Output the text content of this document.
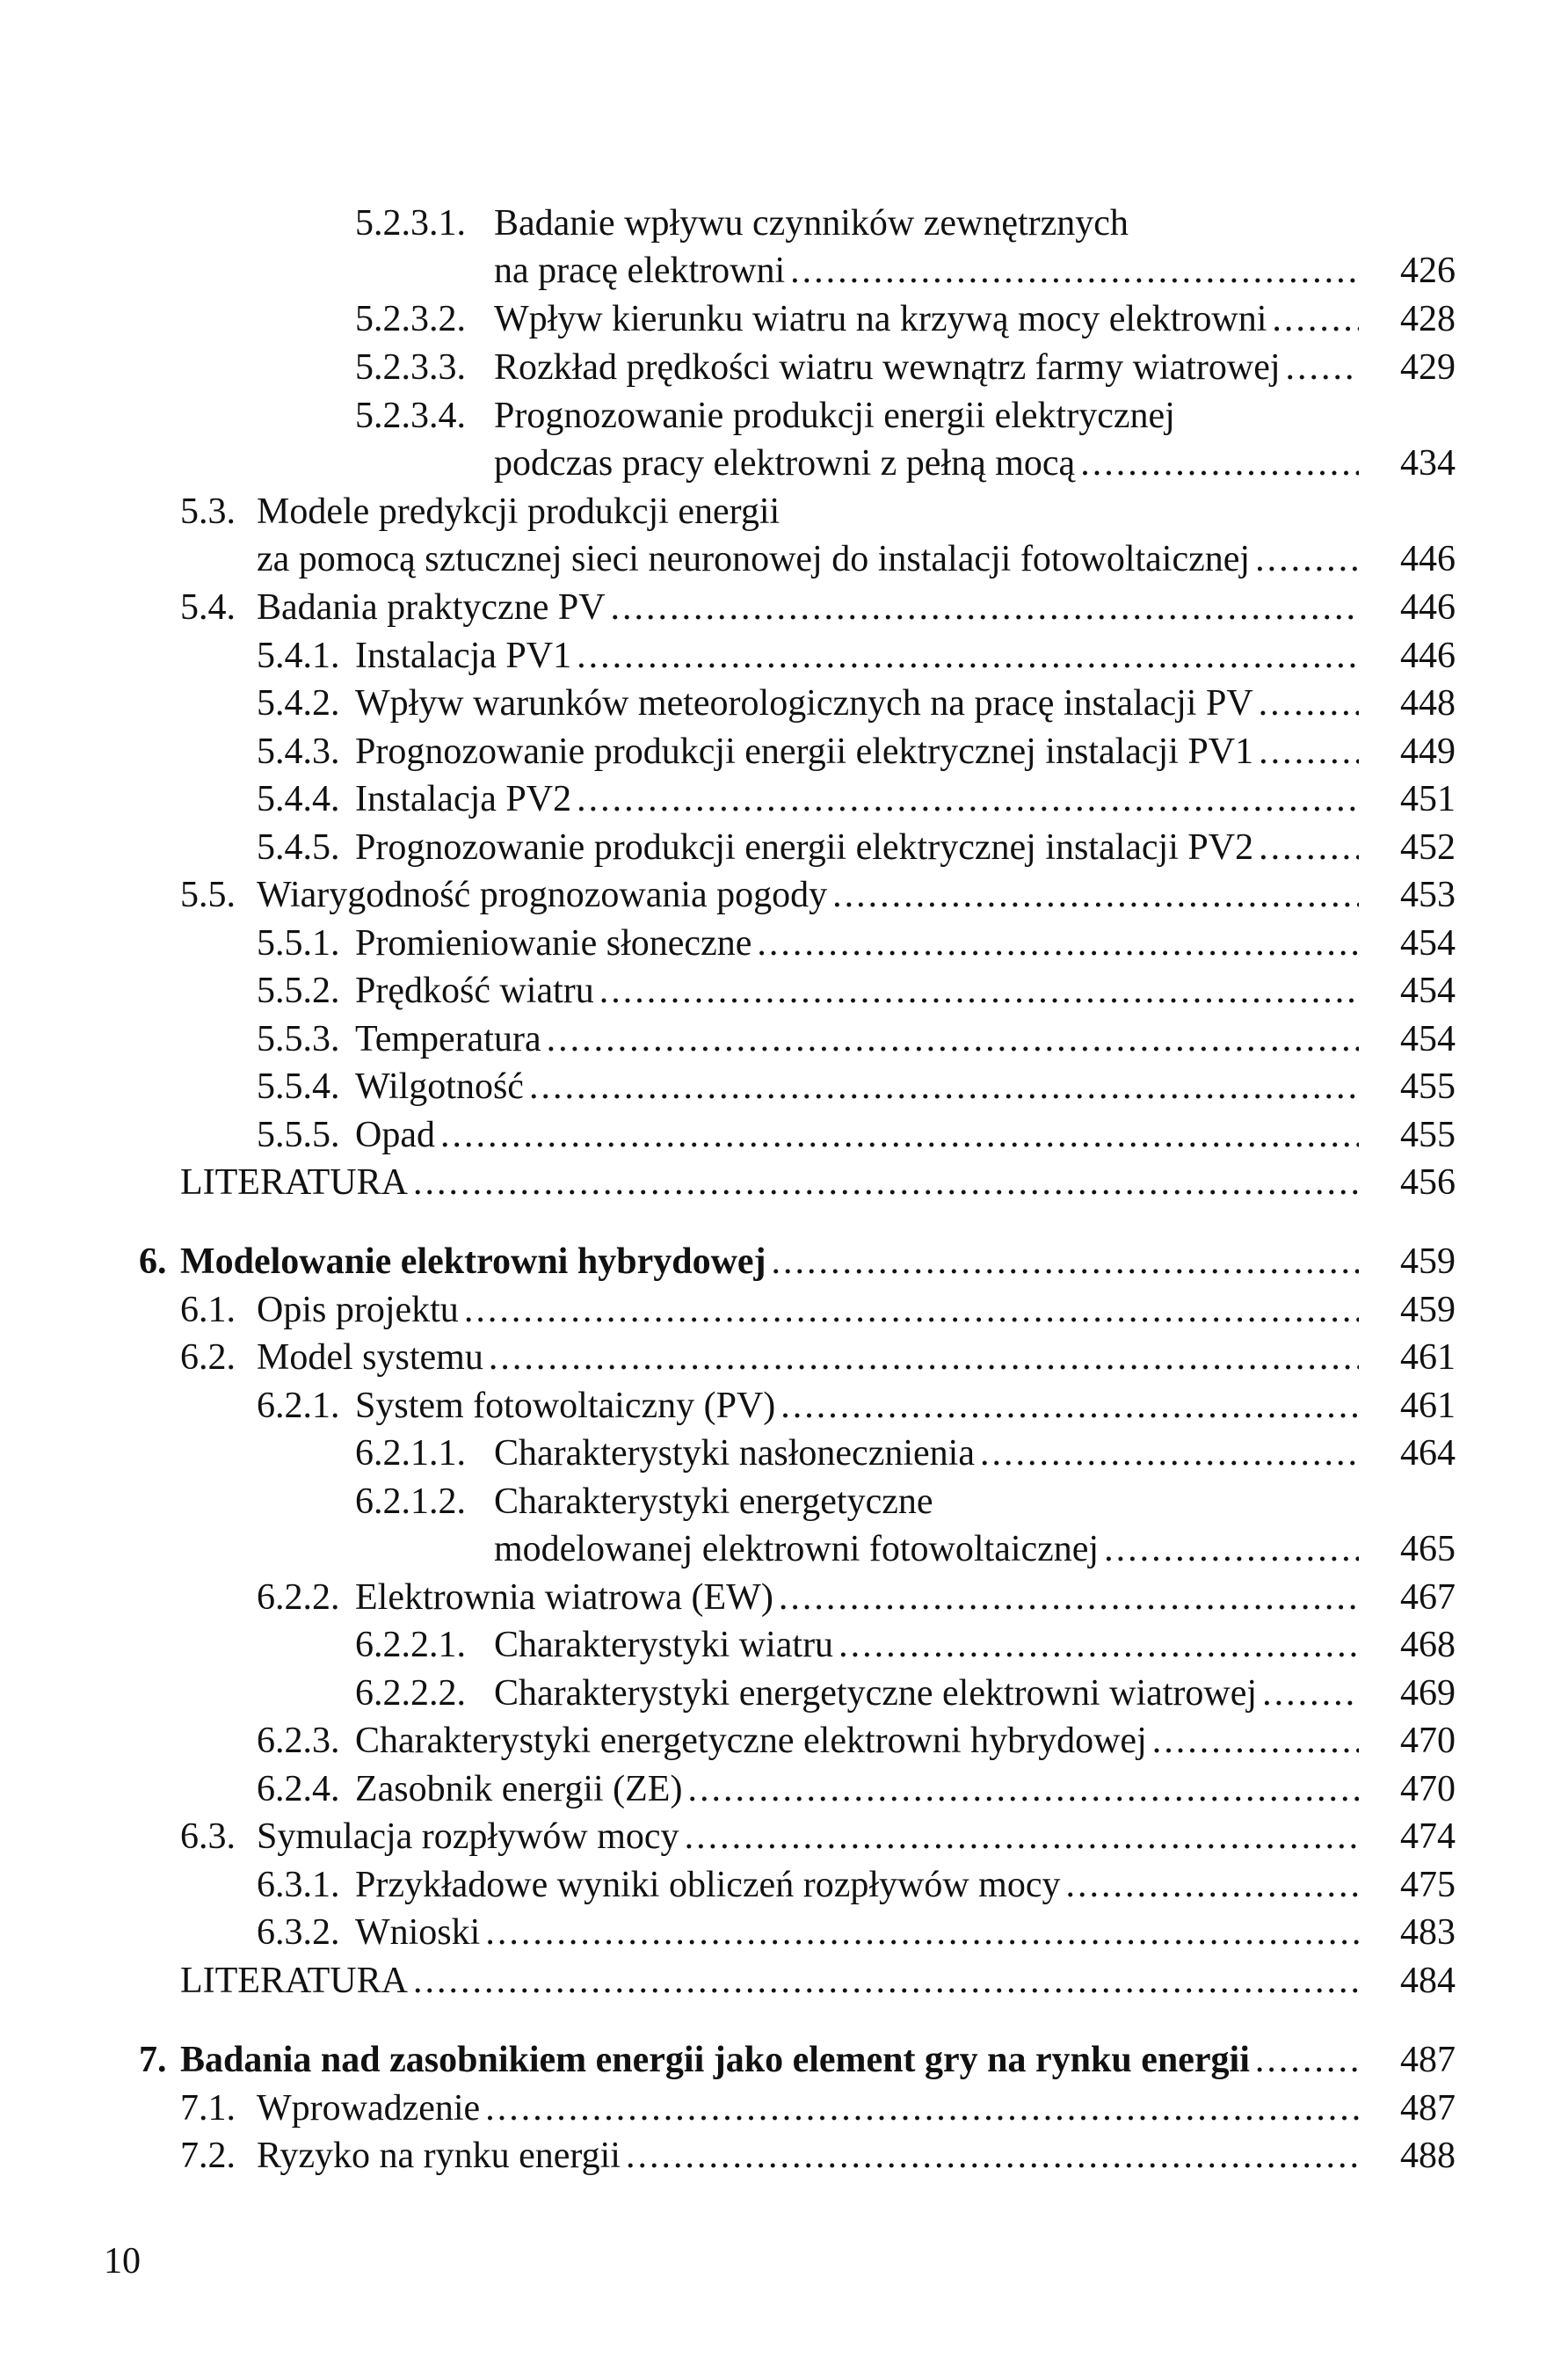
5.2.3.1. Badanie wpływu czynników zewnętrznych
na pracę elektrowni .....	426
5.2.3.2. Wpływ kierunku wiatru na krzywą mocy elektrowni .....	428
5.2.3.3. Rozkład prędkości wiatru wewnątrz farmy wiatrowej .....	429
5.2.3.4. Prognozowanie produkcji energii elektrycznej
podczas pracy elektrowni z pełną mocą .....	434
5.3. Modele predykcji produkcji energii
za pomocą sztucznej sieci neuronowej do instalacji fotowoltaicznej .....	446
5.4. Badania praktyczne PV .....	446
5.4.1. Instalacja PV1 .....	446
5.4.2. Wpływ warunków meteorologicznych na pracę instalacji PV .....	448
5.4.3. Prognozowanie produkcji energii elektrycznej instalacji PV1 .....	449
5.4.4. Instalacja PV2 .....	451
5.4.5. Prognozowanie produkcji energii elektrycznej instalacji PV2 .....	452
5.5. Wiarygodność prognozowania pogody .....	453
5.5.1. Promieniowanie słoneczne .....	454
5.5.2. Prędkość wiatru .....	454
5.5.3. Temperatura .....	454
5.5.4. Wilgotność .....	455
5.5.5. Opad .....	455
LITERATURA .....	456
6. Modelowanie elektrowni hybrydowej .....	459
6.1. Opis projektu .....	459
6.2. Model systemu .....	461
6.2.1. System fotowoltaiczny (PV) .....	461
6.2.1.1. Charakterystyki nasłonecznienia .....	464
6.2.1.2. Charakterystyki energetyczne
modelowanej elektrowni fotowoltaicznej .....	465
6.2.2. Elektrownia wiatrowa (EW) .....	467
6.2.2.1. Charakterystyki wiatru .....	468
6.2.2.2. Charakterystyki energetyczne elektrowni wiatrowej .....	469
6.2.3. Charakterystyki energetyczne elektrowni hybrydowej .....	470
6.2.4. Zasobnik energii (ZE) .....	470
6.3. Symulacja rozpływów mocy .....	474
6.3.1. Przykładowe wyniki obliczeń rozpływów mocy .....	475
6.3.2. Wnioski .....	483
LITERATURA .....	484
7. Badania nad zasobnikiem energii jako element gry na rynku energii .....	487
7.1. Wprowadzenie .....	487
7.2. Ryzyko na rynku energii .....	488
10
